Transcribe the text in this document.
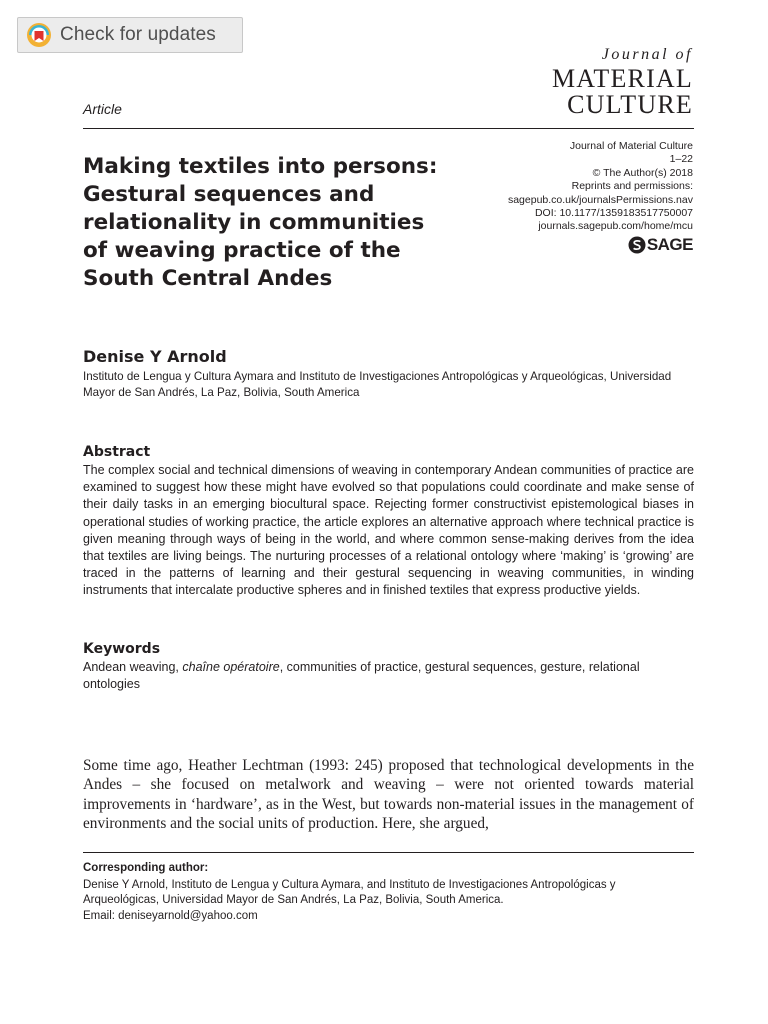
Check for updates
Journal of
MATERIAL
CULTURE
Article
Journal of Material Culture
1–22
© The Author(s) 2018
Reprints and permissions:
sagepub.co.uk/journalsPermissions.nav
DOI: 10.1177/1359183517750007
journals.sagepub.com/home/mcu
SAGE
Making textiles into persons:
Gestural sequences and
relationality in communities
of weaving practice of the
South Central Andes
Denise Y Arnold
Instituto de Lengua y Cultura Aymara and Instituto de Investigaciones Antropológicas y Arqueológicas, Universidad Mayor de San Andrés, La Paz, Bolivia, South America
Abstract
The complex social and technical dimensions of weaving in contemporary Andean communities of practice are examined to suggest how these might have evolved so that populations could coordinate and make sense of their daily tasks in an emerging biocultural space. Rejecting former constructivist epistemological biases in operational studies of working practice, the article explores an alternative approach where technical practice is given meaning through ways of being in the world, and where common sense-making derives from the idea that textiles are living beings. The nurturing processes of a relational ontology where ‘making’ is ‘growing’ are traced in the patterns of learning and their gestural sequencing in weaving communities, in winding instruments that intercalate productive spheres and in finished textiles that express productive yields.
Keywords
Andean weaving, chaîne opératoire, communities of practice, gestural sequences, gesture, relational ontologies
Some time ago, Heather Lechtman (1993: 245) proposed that technological developments in the Andes – she focused on metalwork and weaving – were not oriented towards material improvements in ‘hardware’, as in the West, but towards non-material issues in the management of environments and the social units of production. Here, she argued,
Corresponding author:
Denise Y Arnold, Instituto de Lengua y Cultura Aymara, and Instituto de Investigaciones Antropológicas y Arqueológicas, Universidad Mayor de San Andrés, La Paz, Bolivia, South America.
Email: deniseyarnold@yahoo.com
